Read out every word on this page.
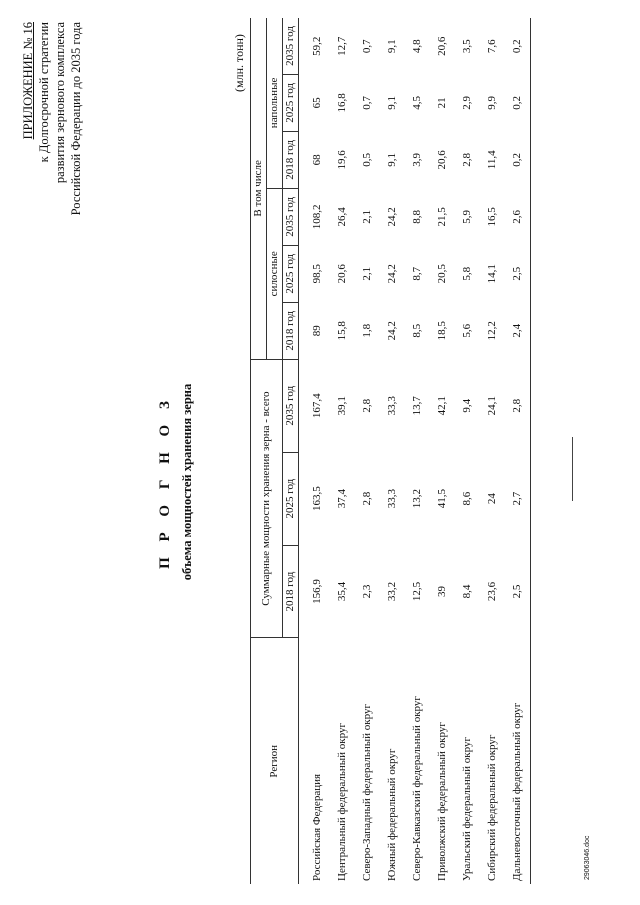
ПРИЛОЖЕНИЕ № 16 к Долгосрочной стратегии развития зернового комплекса Российской Федерации до 2035 года
П Р О Г Н О З объема мощностей хранения зерна
(млн. тонн)
Регион	Суммарные мощности хранения зерна - всего			В том числе					
				силосные			напольные		
	2018 год	2025 год	2035 год	2018 год	2025 год	2035 год	2018 год	2025 год	2035 год
Российская Федерация	156,9	163,5	167,4	89	98,5	108,2	68	65	59,2
Центральный федеральный округ	35,4	37,4	39,1	15,8	20,6	26,4	19,6	16,8	12,7
Северо-Западный федеральный округ	2,3	2,8	2,8	1,8	2,1	2,1	0,5	0,7	0,7
Южный федеральный округ	33,2	33,3	33,3	24,2	24,2	24,2	9,1	9,1	9,1
Северо-Кавказский федеральный округ	12,5	13,2	13,7	8,5	8,7	8,8	3,9	4,5	4,8
Приволжский федеральный округ	39	41,5	42,1	18,5	20,5	21,5	20,6	21	20,6
Уральский федеральный округ	8,4	8,6	9,4	5,6	5,8	5,9	2,8	2,9	3,5
Сибирский федеральный округ	23,6	24	24,1	12,2	14,1	16,5	11,4	9,9	7,6
Дальневосточный федеральный округ	2,5	2,7	2,8	2,4	2,5	2,6	0,2	0,2	0,2
29063046.doc
